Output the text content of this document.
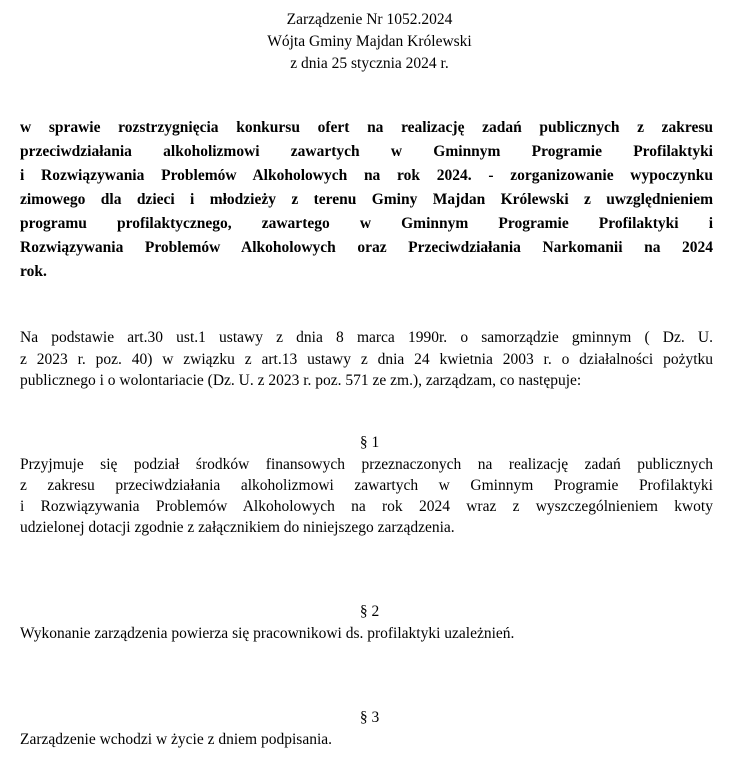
Zarządzenie Nr 1052.2024
Wójta Gminy Majdan Królewski
z dnia 25 stycznia 2024 r.
w sprawie rozstrzygnięcia konkursu ofert na realizację zadań publicznych z zakresu
przeciwdziałania alkoholizmowi zawartych w Gminnym Programie Profilaktyki
i Rozwiązywania Problemów Alkoholowych na rok 2024. - zorganizowanie wypoczynku
zimowego dla dzieci i młodzieży z terenu Gminy Majdan Królewski z uwzględnieniem
programu profilaktycznego, zawartego w Gminnym Programie Profilaktyki i
Rozwiązywania Problemów Alkoholowych oraz Przeciwdziałania Narkomanii na 2024
rok.
Na podstawie art.30 ust.1 ustawy z dnia 8 marca 1990r. o samorządzie gminnym ( Dz. U.
z 2023 r. poz. 40) w związku z art.13 ustawy z dnia 24 kwietnia 2003 r. o działalności pożytku
publicznego i o wolontariacie (Dz. U. z 2023 r. poz. 571 ze zm.), zarządzam, co następuje:
§ 1
Przyjmuje się podział środków finansowych przeznaczonych na realizację zadań publicznych
z zakresu przeciwdziałania alkoholizmowi zawartych w Gminnym Programie Profilaktyki
i Rozwiązywania Problemów Alkoholowych na rok 2024 wraz z wyszczególnieniem kwoty
udzielonej dotacji zgodnie z załącznikiem do niniejszego zarządzenia.
§ 2
Wykonanie zarządzenia powierza się pracownikowi ds. profilaktyki uzależnień.
§ 3
Zarządzenie wchodzi w życie z dniem podpisania.
